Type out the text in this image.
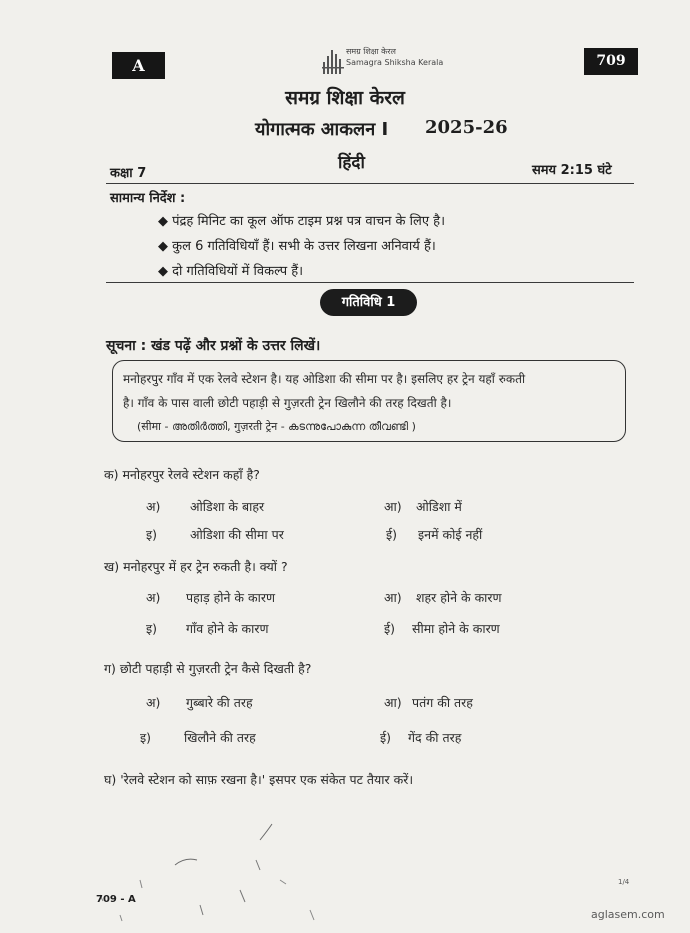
A	709
समग्र शिक्षा केरल
Samagra Shiksha Kerala
समग्र शिक्षा केरल
योगात्मक आकलन I 2025-26
हिंदी
कक्षा 7	समय 2:15 घंटे
सामान्य निर्देश :
◆ पंद्रह मिनिट का कूल ऑफ टाइम प्रश्न पत्र वाचन के लिए है।
◆ कुल 6 गतिविधियाँ हैं। सभी के उत्तर लिखना अनिवार्य हैं।
◆ दो गतिविधियों में विकल्प हैं।
गतिविधि 1
सूचना : खंड पढ़ें और प्रश्नों के उत्तर लिखें।
मनोहरपुर गाँव में एक रेलवे स्टेशन है। यह ओडिशा की सीमा पर है। इसलिए हर ट्रेन यहाँ रुकती
है। गाँव के पास वाली छोटी पहाड़ी से गुज़रती ट्रेन खिलौने की तरह दिखती है।
(सीमा - അതിർത്തി, गुज़रती ट्रेन - കടന്നുപോകുന്ന തീവണ്ടി )
क) मनोहरपुर रेलवे स्टेशन कहाँ है?
अ) ओडिशा के बाहर	आ) ओडिशा में
इ)	ओडिशा की सीमा पर	ई) इनमें कोई नहीं
ख) मनोहरपुर में हर ट्रेन रुकती है। क्यों ?
अ) पहाड़ होने के कारण	आ) शहर होने के कारण
इ) गाँव होने के कारण	ई) सीमा होने के कारण
ग) छोटी पहाड़ी से गुज़रती ट्रेन कैसे दिखती है?
अ) गुब्बारे की तरह	आ) पतंग की तरह
इ)	खिलौने की तरह	ई) गेंद की तरह
घ) 'रेलवे स्टेशन को साफ़ रखना है।' इसपर एक संकेत पट तैयार करें।
709 - A
1/4
aglasem.com
